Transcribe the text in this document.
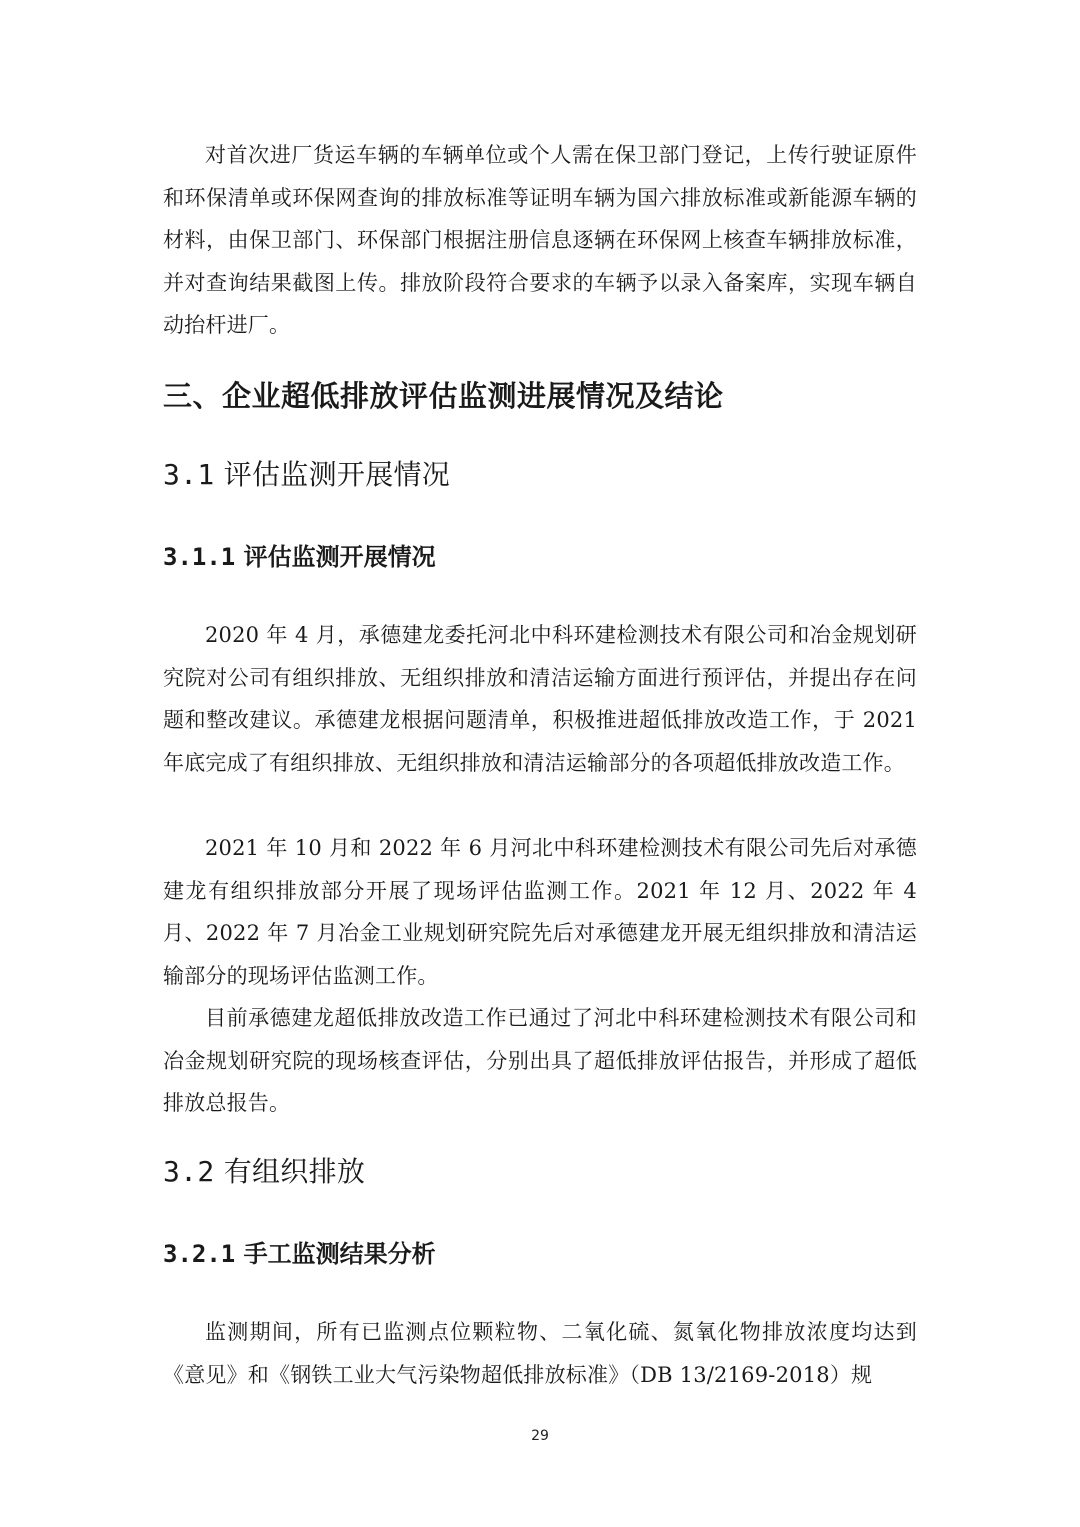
对首次进厂货运车辆的车辆单位或个人需在保卫部门登记，上传行驶证原件和环保清单或环保网查询的排放标准等证明车辆为国六排放标准或新能源车辆的材料，由保卫部门、环保部门根据注册信息逐辆在环保网上核查车辆排放标准，并对查询结果截图上传。排放阶段符合要求的车辆予以录入备案库，实现车辆自动抬杆进厂。

三、企业超低排放评估监测进展情况及结论
3.1 评估监测开展情况
3.1.1 评估监测开展情况

2020 年 4 月，承德建龙委托河北中科环建检测技术有限公司和冶金规划研究院对公司有组织排放、无组织排放和清洁运输方面进行预评估，并提出存在问题和整改建议。承德建龙根据问题清单，积极推进超低排放改造工作，于 2021 年底完成了有组织排放、无组织排放和清洁运输部分的各项超低排放改造工作。

2021 年 10 月和 2022 年 6 月河北中科环建检测技术有限公司先后对承德建龙有组织排放部分开展了现场评估监测工作。2021 年 12 月、2022 年 4 月、2022 年 7 月冶金工业规划研究院先后对承德建龙开展无组织排放和清洁运输部分的现场评估监测工作。

目前承德建龙超低排放改造工作已通过了河北中科环建检测技术有限公司和冶金规划研究院的现场核查评估，分别出具了超低排放评估报告，并形成了超低排放总报告。

3.2 有组织排放
3.2.1 手工监测结果分析

监测期间，所有已监测点位颗粒物、二氧化硫、氮氧化物排放浓度均达到《意见》和《钢铁工业大气污染物超低排放标准》（DB 13/2169-2018）规

29
